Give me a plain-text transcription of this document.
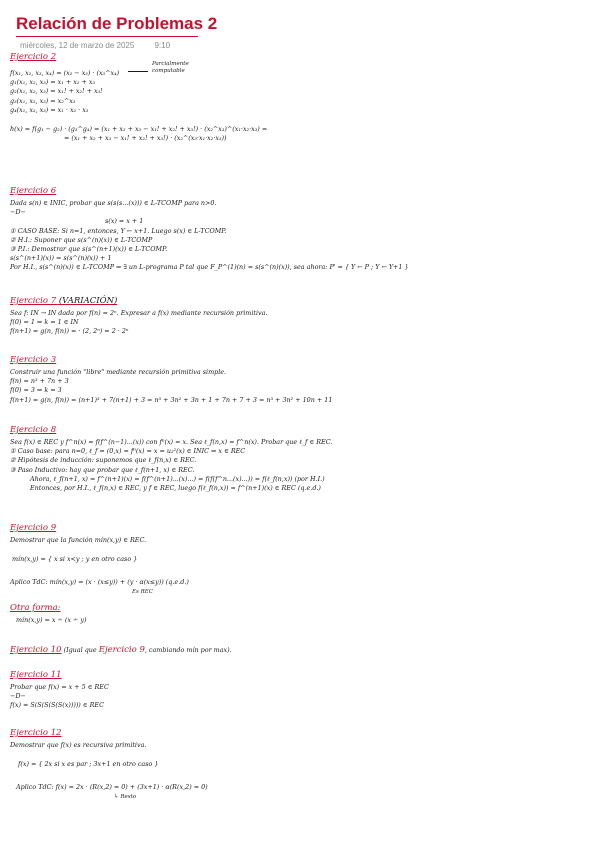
Relación de Problemas 2
miércoles, 12 de marzo de 2025	9:10
Ejercicio 2
f(x₁, x₂, x₃, x₄) = (x₂ − x₃) · (x₃^x₄)
g₁(x₁, x₂, x₃) = x₁ + x₂ + x₃
g₂(x₁, x₂, x₃) = x₁! + x₂! + x₃!
g₃(x₁, x₂, x₃) = x₂^x₃
g₄(x₁, x₂, x₃) = x₁ · x₂ · x₃
h(x) = f(g₁ − g₂) · (g₃^g₄) = (x₁ + x₂ + x₃ − x₁! + x₂! + x₃!) · (x₂^x₃)^(x₁·x₂·x₃) =
= (x₁ + x₂ + x₃ − x₁! + x₂! + x₃!) · (x₂^(x₃·x₁·x₂·x₃))
Parcialmente
computable
Ejercicio 6
Dada s(n) ∈ INIC, probar que s(s(s...(x))) ∈ L-TCOMP para n>0.
−D−
s(x) = x + 1
① CASO BASE: Si n=1, entonces, Y ← x+1. Luego s(x) ∈ L-TCOMP.
② H.I.: Suponer que s(s^(n)(x)) ∈ L-TCOMP
③ P.I.: Demostrar que s(s^(n+1)(x)) ∈ L-TCOMP.
s(s^(n+1)(x)) = s(s^(n)(x)) + 1
Por H.I., s(s^(n)(x)) ∈ L-TCOMP ⇒ ∃ un L-programa P tal que F_P^(1)(n) = s(s^(n)(x)), sea ahora: P' = { Y ← P ; Y ← Y+1 }
Ejercicio 7 (VARIACIÓN)
Sea f: IN → IN dada por f(n) = 2ⁿ. Expresar a f(x) mediante recursión primitiva.
f(0) = 1 ⇒ k = 1 ∈ IN
f(n+1) = g(n, f(n)) = · (2, 2ⁿ) = 2 · 2ⁿ
Ejercicio 3
Construir una función "libre" mediante recursión primitiva simple.
f(n) = n³ + 7n + 3
f(0) = 3 ⇒ k = 3
f(n+1) = g(n, f(n)) = (n+1)³ + 7(n+1) + 3 = n³ + 3n² + 3n + 1 + 7n + 7 + 3 = n³ + 3n² + 10n + 11
Ejercicio 8
Sea f(x) ∈ REC y f^n(x) = f(f^(n−1)...(x)) con f⁰(x) = x. Sea ℓ_f(n,x) = f^n(x). Probar que ℓ_f ∈ REC.
① Caso base: para n=0, ℓ_f = (0,x) = f⁰(x) = x = u₂²(x) ∈ INIC ⇒ x ∈ REC
② Hipótesis de inducción: suponemos que ℓ_f(n,x) ∈ REC.
③ Paso Inductivo: hay que probar que ℓ_f(n+1, x) ∈ REC.
Ahora, ℓ_f(n+1, x) = f^(n+1)(x) = f(f^(n+1)...(x)...) = f(f(f^n...(x)...)) = f(ℓ_f(n,x)) (por H.I.)
Entonces, por H.I., ℓ_f(n,x) ∈ REC, y f ∈ REC, luego f(ℓ_f(n,x)) = f^(n+1)(x) ∈ REC (q.e.d.)
Ejercicio 9
Demostrar que la función mín(x,y) ∈ REC.
mín(x,y) = { x si x<y ; y en otro caso }
Aplico TdC: mín(x,y) = (x · (x≤y)) + (y · α(x≤y)) (q.e.d.)
Es REC
Otra forma:
mín(x,y) = x ∸ (x ∸ y)
Ejercicio 10 (Igual que Ejercicio 9, cambiando mín por max).
Ejercicio 11
Probar que f(x) = x + 5 ∈ REC
−D−
f(x) = S(S(S(S(S(x))))) ∈ REC
Ejercicio 12
Demostrar que f(x) es recursiva primitiva.
f(x) = { 2x si x es par ; 3x+1 en otro caso }
Aplico TdC: f(x) = 2x · (R(x,2) = 0) + (3x+1) · α(R(x,2) = 0)
↳ Resto
